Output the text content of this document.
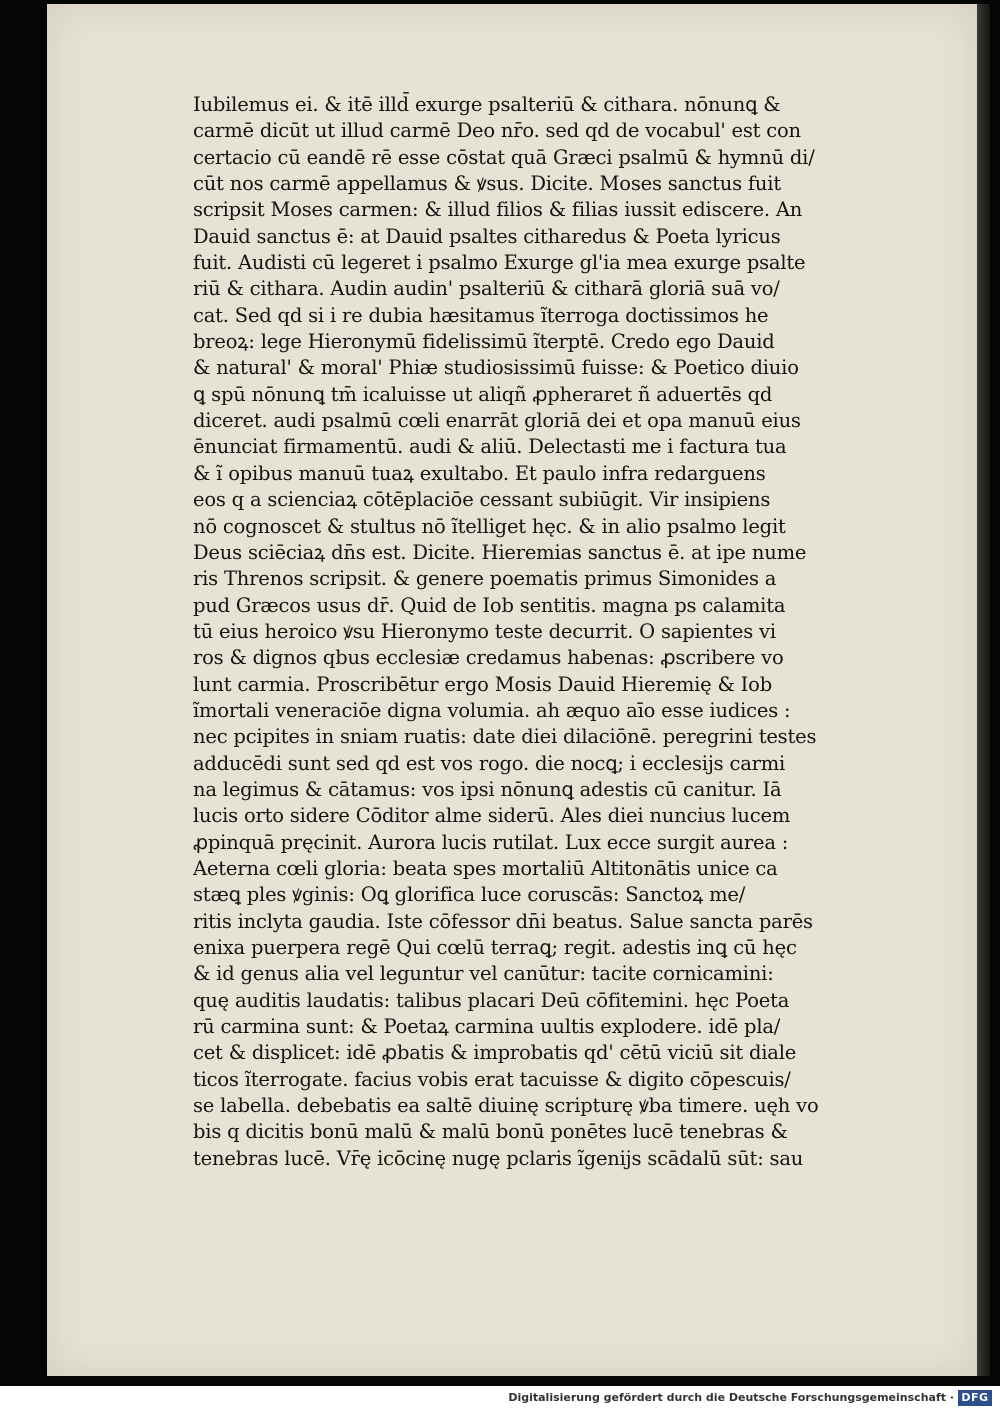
Iubilemus ei. & itē illd̄ exurge psalteriū & cithara. nōnunꝗ &
carmē dicūt ut illud carmē Deo nr̄o. sed qd de vocabul' est con
certacio cū eandē rē esse cōstat quā Græci psalmū & hymnū di/
cūt nos carmē appellamus & ꝟsus. Dicite. Moses sanctus fuit
scripsit Moses carmen: & illud filios & filias iussit ediscere. An
Dauid sanctus ē: at Dauid psaltes citharedus & Poeta lyricus
fuit. Audisti cū legeret i psalmo Exurge gl'ia mea exurge psalte
riū & cithara. Audin audin' psalteriū & citharā gloriā suā vo/
cat. Sed qd si i re dubia hæsitamus ĩterroga doctissimos he
breoꝝ: lege Hieronymū fidelissimū ĩterptē. Credo ego Dauid
& natural' & moral' Phiæ studiosissimū fuisse: & Poetico diuio
ꝗ spū nōnunꝗ tm̄ icaluisse ut aliqñ ꝓpheraret ñ aduertēs qd
diceret. audi psalmū cœli enarrāt gloriā dei et opa manuū eius
ēnunciat firmamentū. audi & aliū. Delectasti me i factura tua
& ĩ opibus manuū tuaꝝ exultabo. Et paulo infra redarguens
eos q a scienciaꝝ cōtēplaciōe cessant subiūgit. Vir insipiens
nō cognoscet & stultus nō ĩtelliget hęc. & in alio psalmo legit
Deus sciēciaꝝ dn̄s est. Dicite. Hieremias sanctus ē. at ipe nume
ris Threnos scripsit. & genere poematis primus Simonides a
pud Græcos usus dr̄. Quid de Iob sentitis. magna ps calamita
tū eius heroico ꝟsu Hieronymo teste decurrit. O sapientes vi
ros & dignos qbus ecclesiæ credamus habenas: ꝓscribere vo
lunt carmia. Proscribētur ergo Mosis Dauid Hieremię & Iob
ĩmortali veneraciōe digna volumia. ah æquo aīo esse iudices :
nec pcipites in sniam ruatis: date diei dilaciōnē. peregrini testes
adducēdi sunt sed qd est vos rogo. die nocꝗ; i ecclesijs carmi
na legimus & cātamus: vos ipsi nōnunꝗ adestis cū canitur. Iā
lucis orto sidere Cōditor alme siderū. Ales diei nuncius lucem
ꝓpinquā pręcinit. Aurora lucis rutilat. Lux ecce surgit aurea :
Aeterna cœli gloria: beata spes mortaliū Altitonātis unice ca
stæꝗ ples ꝟginis: Oꝗ glorifica luce coruscās: Sanctoꝝ me/
ritis inclyta gaudia. Iste cōfessor dn̄i beatus. Salue sancta parēs
enixa puerpera regē Qui cœlū terraꝗ; regit. adestis inꝗ cū hęc
& id genus alia vel leguntur vel canūtur: tacite cornicamini:
quę auditis laudatis: talibus placari Deū cōfitemini. hęc Poeta
rū carmina sunt: & Poetaꝝ carmina uultis explodere. idē pla/
cet & displicet: idē ꝓbatis & improbatis qd' cētū viciū sit diale
ticos ĩterrogate. facius vobis erat tacuisse & digito cōpescuis/
se labella. debebatis ea saltē diuinę scripturę ꝟba timere. uęh vo
bis q dicitis bonū malū & malū bonū ponētes lucē tenebras &
tenebras lucē. Vr̄ę icōcinę nugę pclaris ĩgenijs scādalū sūt: sau
Digitalisierung gefördert durch die Deutsche Forschungsgemeinschaft · DFG
